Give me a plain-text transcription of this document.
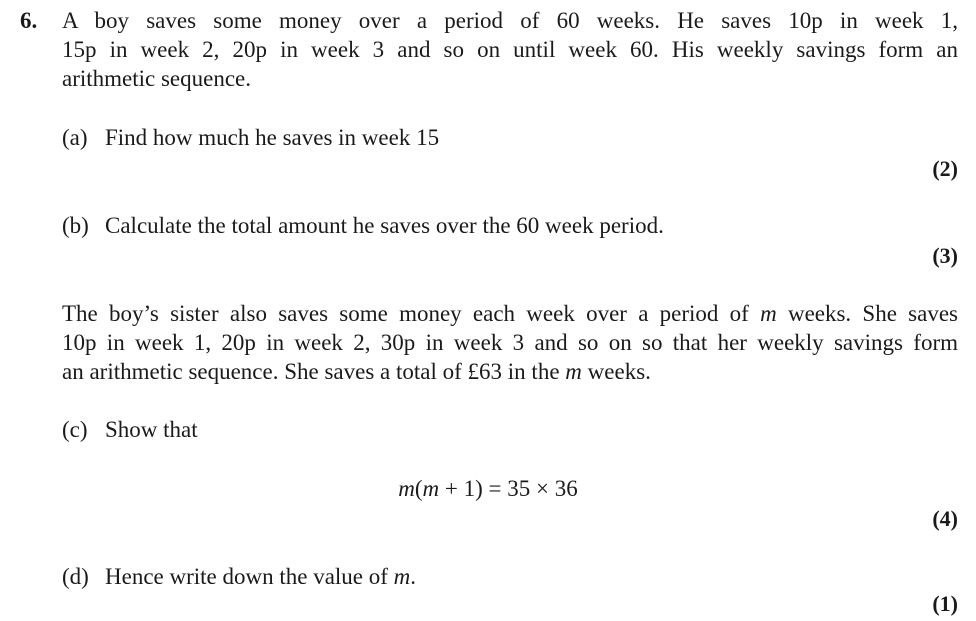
6. A boy saves some money over a period of 60 weeks. He saves 10p in week 1,
15p in week 2, 20p in week 3 and so on until week 60. His weekly savings form an
arithmetic sequence.
(a) Find how much he saves in week 15
(2)
(b) Calculate the total amount he saves over the 60 week period.
(3)
The boy’s sister also saves some money each week over a period of m weeks. She saves
10p in week 1, 20p in week 2, 30p in week 3 and so on so that her weekly savings form
an arithmetic sequence. She saves a total of £63 in the m weeks.
(c) Show that
m(m + 1) = 35 × 36
(4)
(d) Hence write down the value of m.
(1)
